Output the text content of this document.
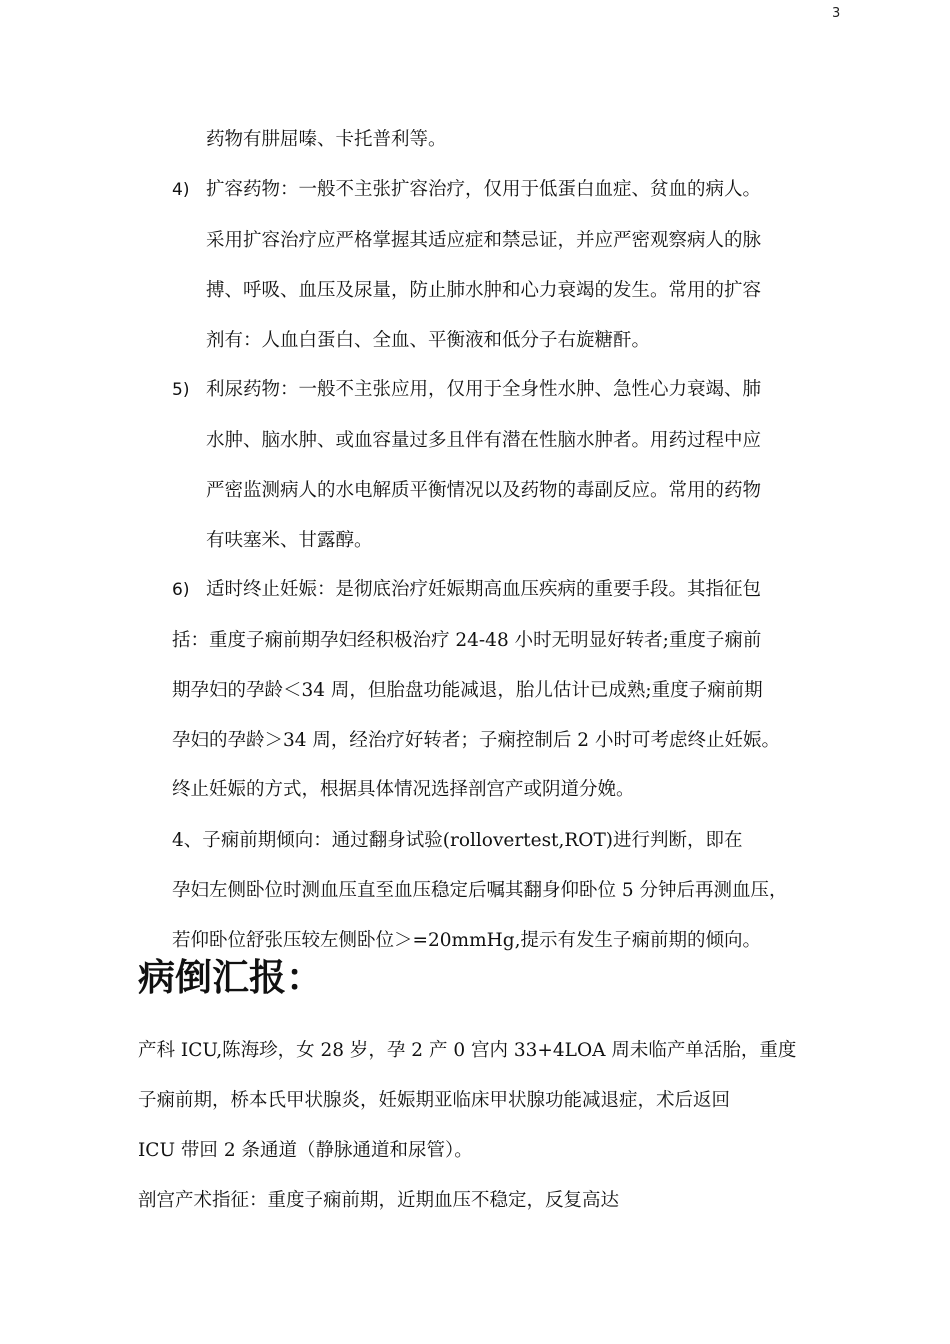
3
药物有肼屈嗪、卡托普利等。
4) 扩容药物：一般不主张扩容治疗，仅用于低蛋白血症、贫血的病人。
采用扩容治疗应严格掌握其适应症和禁忌证，并应严密观察病人的脉
搏、呼吸、血压及尿量，防止肺水肿和心力衰竭的发生。常用的扩容
剂有：人血白蛋白、全血、平衡液和低分子右旋糖酐。
5) 利尿药物：一般不主张应用，仅用于全身性水肿、急性心力衰竭、肺
水肿、脑水肿、或血容量过多且伴有潜在性脑水肿者。用药过程中应
严密监测病人的水电解质平衡情况以及药物的毒副反应。常用的药物
有呋塞米、甘露醇。
6) 适时终止妊娠：是彻底治疗妊娠期高血压疾病的重要手段。其指征包
括：重度子痫前期孕妇经积极治疗 24-48 小时无明显好转者;重度子痫前
期孕妇的孕龄＜34 周，但胎盘功能减退，胎儿估计已成熟;重度子痫前期
孕妇的孕龄＞34 周，经治疗好转者；子痫控制后 2 小时可考虑终止妊娠。
终止妊娠的方式，根据具体情况选择剖宫产或阴道分娩。
4、子痫前期倾向：通过翻身试验(rollovertest,ROT)进行判断，即在
孕妇左侧卧位时测血压直至血压稳定后嘱其翻身仰卧位 5 分钟后再测血压，
若仰卧位舒张压较左侧卧位＞=20mmHg,提示有发生子痫前期的倾向。
病倒汇报：
产科 ICU,陈海珍，女 28 岁，孕 2 产 0 宫内 33+4LOA 周未临产单活胎，重度
子痫前期，桥本氏甲状腺炎，妊娠期亚临床甲状腺功能减退症，术后返回
ICU 带回 2 条通道（静脉通道和尿管）。
剖宫产术指征：重度子痫前期，近期血压不稳定，反复高达
